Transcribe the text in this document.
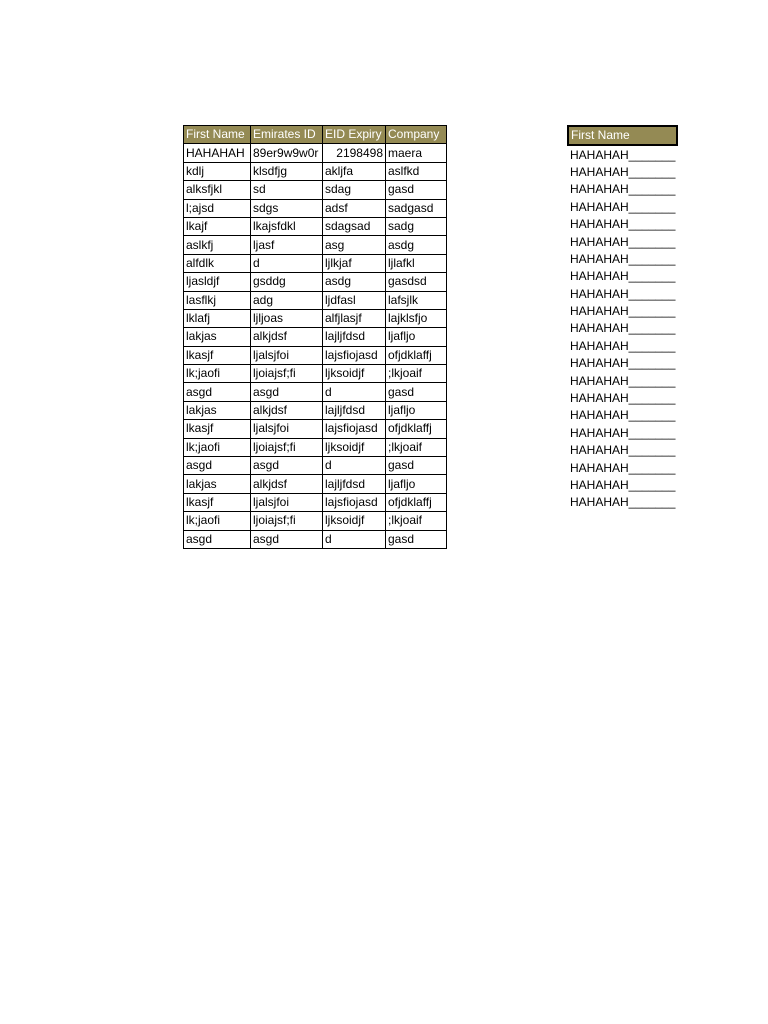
First Name	Emirates ID	EID Expiry	Company
HAHAHAH	89er9w9w0r	2198498	maera
kdlj	klsdfjg	akljfa	aslfkd
alksfjkl	sd	sdag	gasd
l;ajsd	sdgs	adsf	sadgasd
lkajf	lkajsfdkl	sdagsad	sadg
aslkfj	ljasf	asg	asdg
alfdlk	d	ljlkjaf	ljlafkl
ljasldjf	gsddg	asdg	gasdsd
lasflkj	adg	ljdfasl	lafsjlk
lklafj	ljljoas	alfjlasjf	lajklsfjo
lakjas	alkjdsf	lajljfdsd	ljafljo
lkasjf	ljalsjfoi	lajsfiojasd	ofjdklaffj
lk;jaofi	ljoiajsf;fi	ljksoidjf	;lkjoaif
asgd	asgd	d	gasd
lakjas	alkjdsf	lajljfdsd	ljafljo
lkasjf	ljalsjfoi	lajsfiojasd	ofjdklaffj
lk;jaofi	ljoiajsf;fi	ljksoidjf	;lkjoaif
asgd	asgd	d	gasd
lakjas	alkjdsf	lajljfdsd	ljafljo
lkasjf	ljalsjfoi	lajsfiojasd	ofjdklaffj
lk;jaofi	ljoiajsf;fi	ljksoidjf	;lkjoaif
asgd	asgd	d	gasd
First Name
HAHAHAH_______
HAHAHAH_______
HAHAHAH_______
HAHAHAH_______
HAHAHAH_______
HAHAHAH_______
HAHAHAH_______
HAHAHAH_______
HAHAHAH_______
HAHAHAH_______
HAHAHAH_______
HAHAHAH_______
HAHAHAH_______
HAHAHAH_______
HAHAHAH_______
HAHAHAH_______
HAHAHAH_______
HAHAHAH_______
HAHAHAH_______
HAHAHAH_______
HAHAHAH_______
